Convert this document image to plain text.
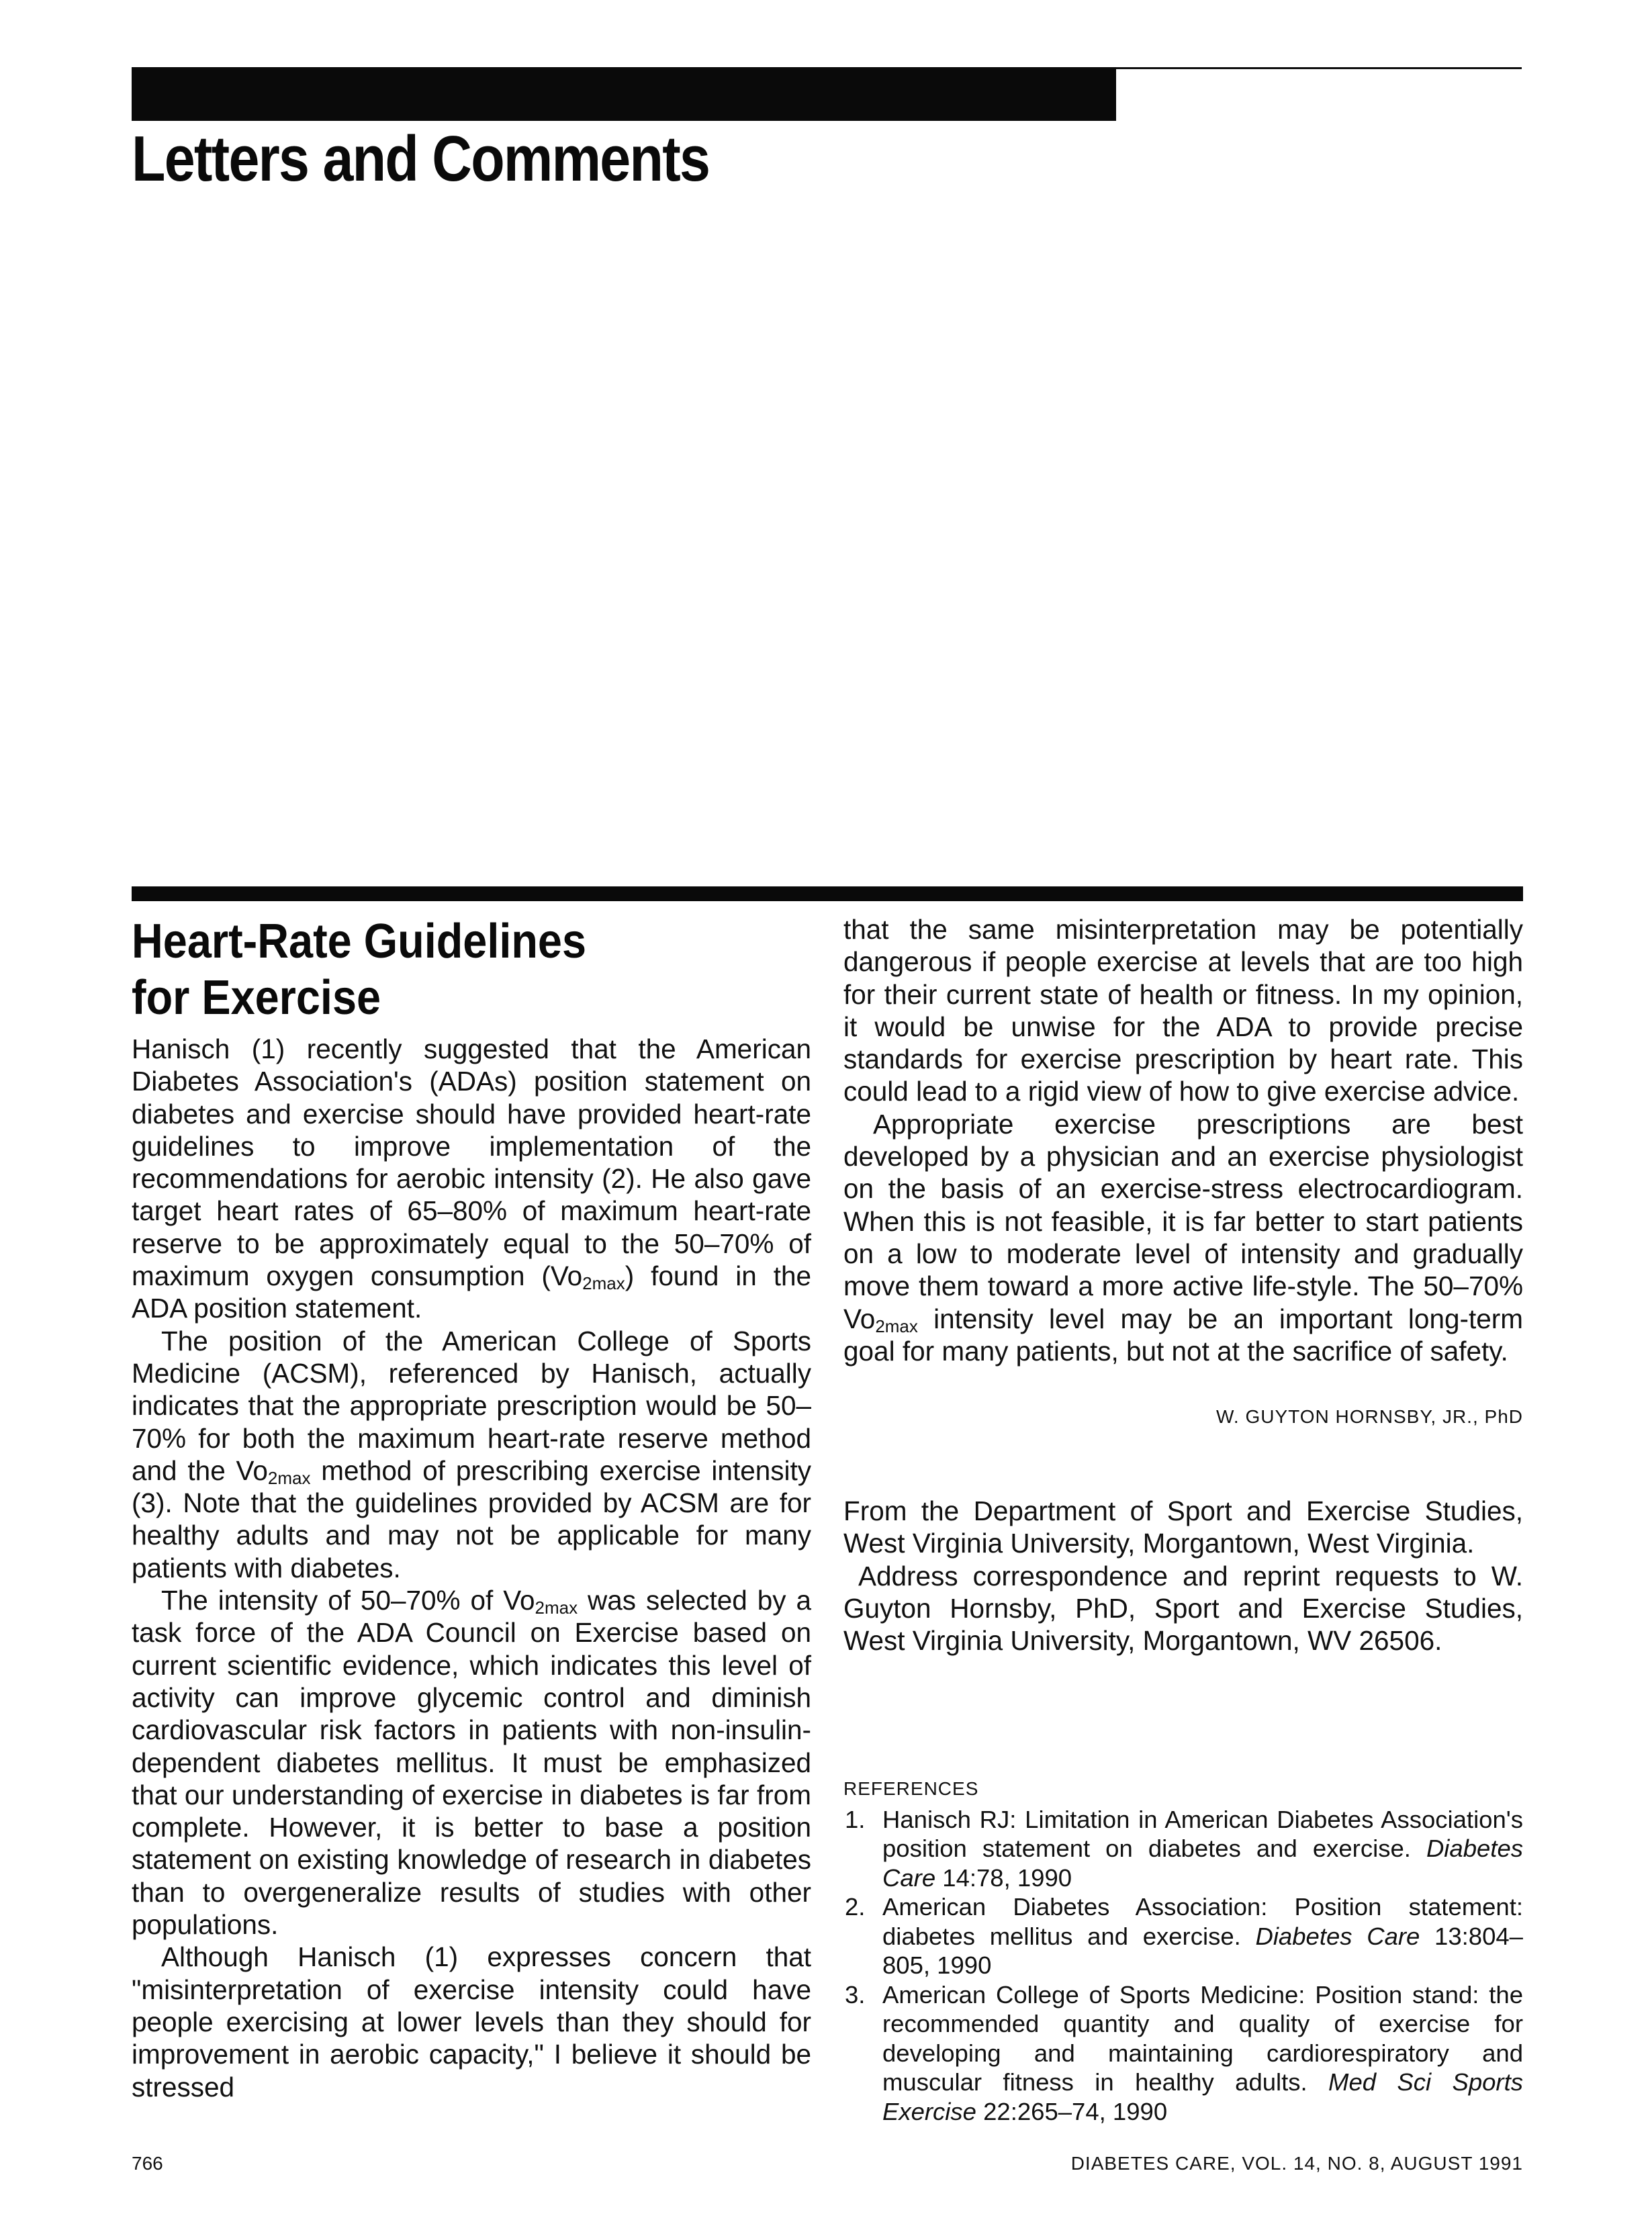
Letters and Comments
Heart-Rate Guidelines
for Exercise

Hanisch (1) recently suggested that the American Diabetes Association's (ADAs) position statement on diabetes and exercise should have provided heart-rate guidelines to improve implementation of the recommendations for aerobic intensity (2). He also gave target heart rates of 65–80% of maximum heart-rate reserve to be approximately equal to the 50–70% of maximum oxygen consumption $(Vo_{2max})$ found in the ADA position statement.

The position of the American College of Sports Medicine (ACSM), referenced by Hanisch, actually indicates that the appropriate prescription would be 50–70% for both the maximum heart-rate reserve method and the $Vo_{2max}$ method of prescribing exercise intensity (3). Note that the guidelines provided by ACSM are for healthy adults and may not be applicable for many patients with diabetes.

The intensity of 50–70% of $Vo_{2max}$ was selected by a task force of the ADA Council on Exercise based on current scientific evidence, which indicates this level of activity can improve glycemic control and diminish cardiovascular risk factors in patients with non-insulin-dependent diabetes mellitus. It must be emphasized that our understanding of exercise in diabetes is far from complete. However, it is better to base a position statement on existing knowledge of research in diabetes than to overgeneralize results of studies with other populations.

Although Hanisch (1) expresses concern that "misinterpretation of exercise intensity could have people exercising at lower levels than they should for improvement in aerobic capacity," I believe it should be stressed

that the same misinterpretation may be potentially dangerous if people exercise at levels that are too high for their current state of health or fitness. In my opinion, it would be unwise for the ADA to provide precise standards for exercise prescription by heart rate. This could lead to a rigid view of how to give exercise advice.

Appropriate exercise prescriptions are best developed by a physician and an exercise physiologist on the basis of an exercise-stress electrocardiogram. When this is not feasible, it is far better to start patients on a low to moderate level of intensity and gradually move them toward a more active life-style. The 50–70% $Vo_{2max}$ intensity level may be an important long-term goal for many patients, but not at the sacrifice of safety.

W. GUYTON HORNSBY, JR., PhD

From the Department of Sport and Exercise Studies, West Virginia University, Morgantown, West Virginia.

Address correspondence and reprint requests to W. Guyton Hornsby, PhD, Sport and Exercise Studies, West Virginia University, Morgantown, WV 26506.

REFERENCES
1. Hanisch RJ: Limitation in American Diabetes Association's position statement on diabetes and exercise. Diabetes Care 14:78, 1990
2. American Diabetes Association: Position statement: diabetes mellitus and exercise. Diabetes Care 13:804–805, 1990
3. American College of Sports Medicine: Position stand: the recommended quantity and quality of exercise for developing and maintaining cardiorespiratory and muscular fitness in healthy adults. Med Sci Sports Exercise 22:265–74, 1990
766	DIABETES CARE, VOL. 14, NO. 8, AUGUST 1991
